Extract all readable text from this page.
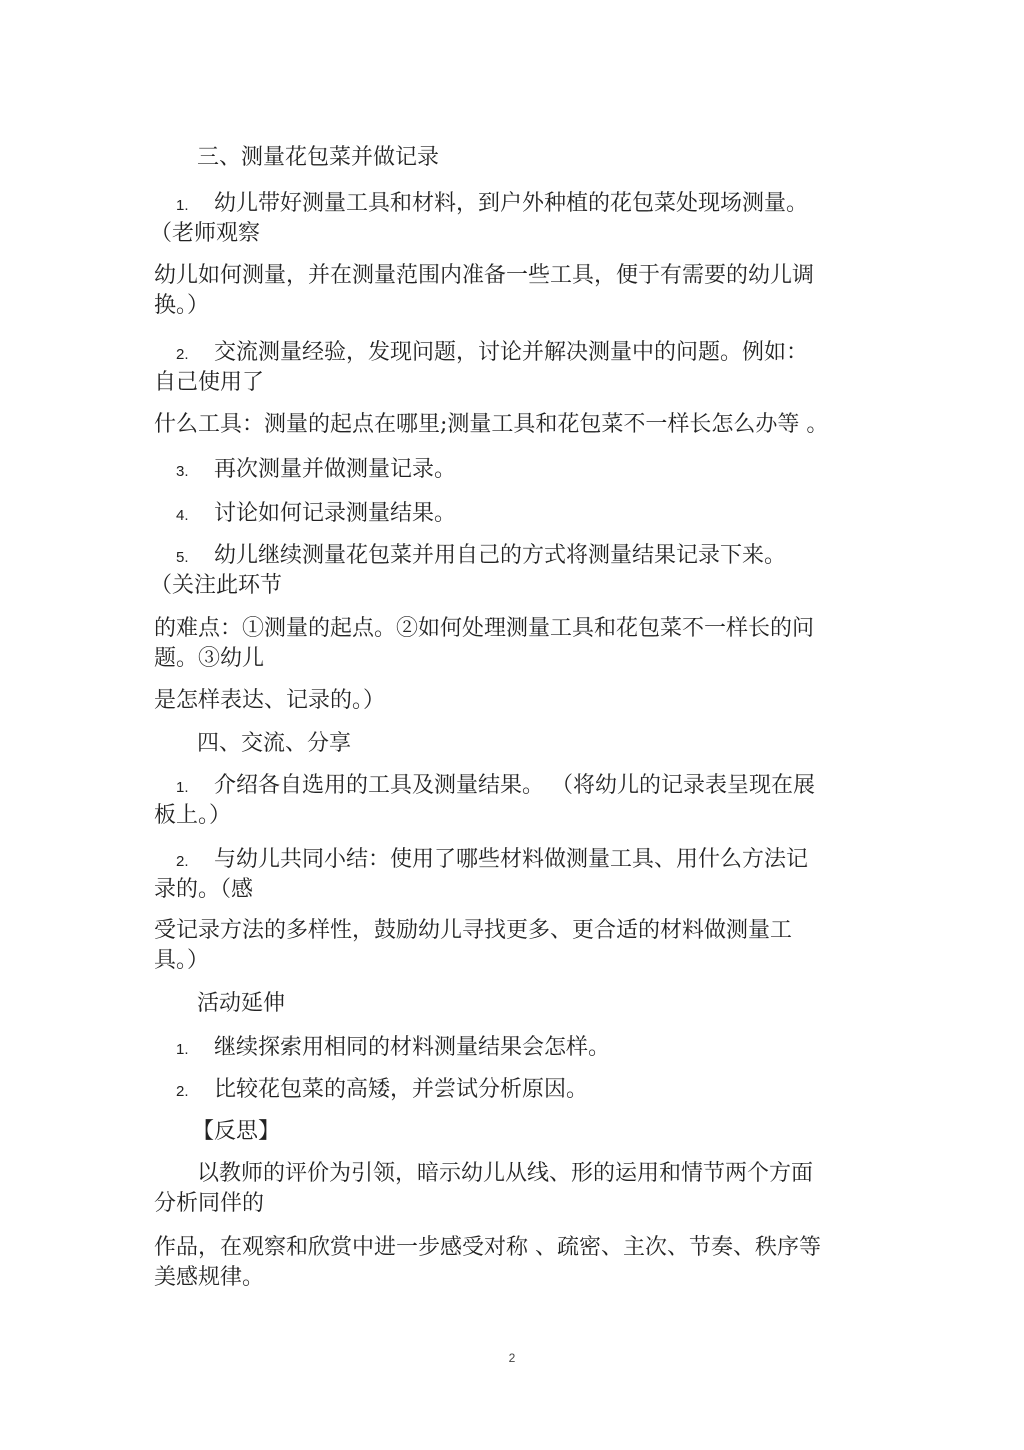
三、测量花包菜并做记录
1. 幼儿带好测量工具和材料，到户外种植的花包菜处现场测量。
（老师观察
幼儿如何测量，并在测量范围内准备一些工具，便于有需要的幼儿调
换。）
2. 交流测量经验，发现问题，讨论并解决测量中的问题。例如：
自己使用了
什么工具：测量的起点在哪里;测量工具和花包菜不一样长怎么办等 。
3. 再次测量并做测量记录。
4. 讨论如何记录测量结果。
5. 幼儿继续测量花包菜并用自己的方式将测量结果记录下来。
（关注此环节
的难点：①测量的起点。②如何处理测量工具和花包菜不一样长的问
题。③幼儿
是怎样表达、记录的。）
四、交流、分享
1. 介绍各自选用的工具及测量结果。 （将幼儿的记录表呈现在展
板上。）
2. 与幼儿共同小结：使用了哪些材料做测量工具、用什么方法记
录的。（感
受记录方法的多样性，鼓励幼儿寻找更多、更合适的材料做测量工
具。）
活动延伸
1. 继续探索用相同的材料测量结果会怎样。
2. 比较花包菜的高矮，并尝试分析原因。
【反思】
以教师的评价为引领，暗示幼儿从线、形的运用和情节两个方面
分析同伴的
作品，在观察和欣赏中进一步感受对称 、疏密、主次、节奏、秩序等
美感规律。
2
